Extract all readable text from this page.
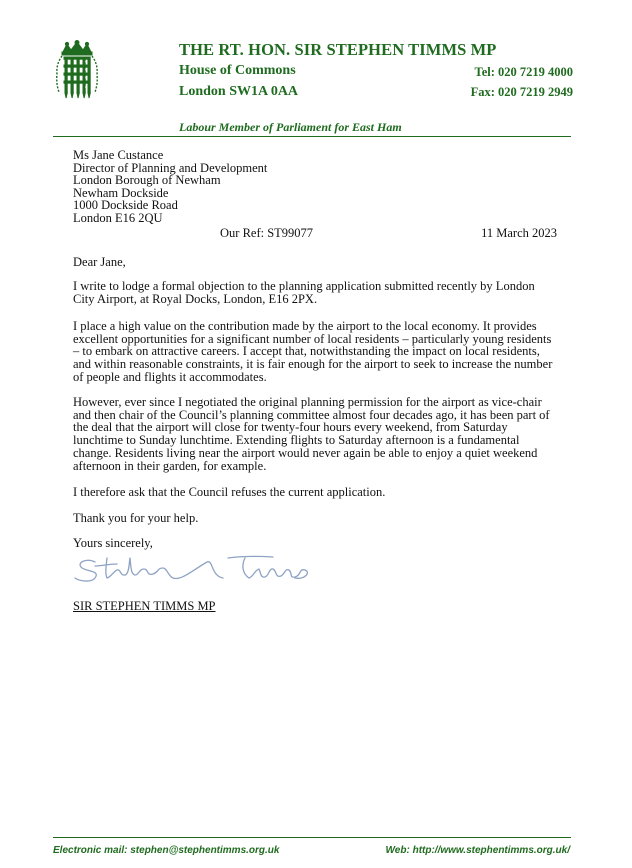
THE RT. HON. SIR STEPHEN TIMMS MP
House of Commons
London SW1A 0AA
Tel: 020 7219 4000
Fax: 020 7219 2949
Labour Member of Parliament for East Ham
Ms Jane Custance
Director of Planning and Development
London Borough of Newham
Newham Dockside
1000 Dockside Road
London E16 2QU
Our Ref: ST99077	11 March 2023
Dear Jane,
I write to lodge a formal objection to the planning application submitted recently by London City Airport, at Royal Docks, London, E16 2PX.
I place a high value on the contribution made by the airport to the local economy. It provides excellent opportunities for a significant number of local residents – particularly young residents – to embark on attractive careers. I accept that, notwithstanding the impact on local residents, and within reasonable constraints, it is fair enough for the airport to seek to increase the number of people and flights it accommodates.
However, ever since I negotiated the original planning permission for the airport as vice-chair and then chair of the Council’s planning committee almost four decades ago, it has been part of the deal that the airport will close for twenty-four hours every weekend, from Saturday lunchtime to Sunday lunchtime. Extending flights to Saturday afternoon is a fundamental change. Residents living near the airport would never again be able to enjoy a quiet weekend afternoon in their garden, for example.
I therefore ask that the Council refuses the current application.
Thank you for your help.
Yours sincerely,
SIR STEPHEN TIMMS MP
Electronic mail: stephen@stephentimms.org.uk	Web: http://www.stephentimms.org.uk/
